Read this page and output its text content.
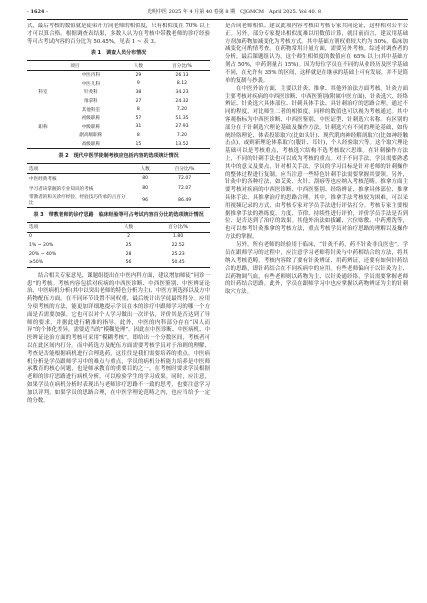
· 1624 ·	光明中医 2025 年 4 月第 40 卷第 8 期　CJGMCM　April 2025. Vol 40. 8

式，最后考核的数值就是徒弟开方同老师的相似度，只有相似度在 70% 以上才可以算合格。根据调查表结果，多数人认为在考核中带教老师的诊疗经验等可占考试内容的百分比为 50.45%，见表 1 ~ 表 3。

表 1　调查人员分布情况
项目		人数	百分比/%
	中医内科	29	26.13
	中医儿科	9	8.12
科室	针灸科	38	34.23
	推拿科	27	24.32
	其他科室	8	7.20
	初级职称	57	51.35
职称	中级职称	31	27.93
	副高级职称	8	7.20
	高级职称	15	13.52
表 2　现代中医学徒制考核应包括内容的选项统计情况
选项	人数	百分比/%
中医经典考核	80	72.07
学习者该掌握的专业知识的考核	80	72.07
带教者的和关诊疗经验、经验技巧传承的占百分比	96	86.49
表 3　带教老师的诊疗思路　临床经验等可占考试内容百分比的选项统计情况
选项	人数	百分比/%
0	2	1.80
1% ~ 20%	25	22.52
20% ~ 40%	28	25.23
≥50%	56	50.45

结合相关专家意见，课题组提出在中医内科方面，建议增加师徒“同诊一患”的考核。考核内容包括对疾病的中西医诊断、中西医鉴别、中医辨证论治、中医病机分析(其中以突出老师的特色分析为主)、中医方剂选择以及方中药物配伍方面。在不同环节设置不同权重，最后统计出学徒最终得分。应用分项考核的方法，能更加详细地提示学员在本的诊疗中跟师学习的哪一个方面是否需要加强。它也可以对个人学习做出一次评估，评价其是否达到了导师的要求，并据此进行精准的指导。此外，中医的内科部分存在“因人而异”的个体化差异，需要适当的“模糊处理”。因此在中医诊断、中医病机、中医辨证论治方面的考核可采用“模糊考核”，即给出一个分数区间，考核者可以在此区间内打分。而中药选方及配伍方面需要考核学员对于治则的理解，考查是否能根据病机进行合理选药，这往往是我们需要培养的重点。中医病机分析是学员跟师学习中的难点与重点，学员的病机分析能力培养是中医师承教育的核心问题，也是师承教育的重要目的之一。在考核时要求学员根据老师的诊疗思路进行病机分析，可以检验学生的学习成果。同时，应注意，如果学员在病机分析时表现出与老师诊疗思路不一致的思考，也要注意学习加以评判，如果学员的思路合理，在中医学理论范畴之内，也应当给予一定的分数。

是否同老师相似。建议此项内容考核由考核专家共同论证，这样相对公平公正。另外，部分专家提出相似度难以用数值计算，就目前而言，建议用基础方剂加药物加减变化为考核方式。其中基础方剂权重较大约为 50%，临床加减变化可酌情考查。在药物常用计量方面，需要另外考核。综述对调查者的分析，最后课题组认为，这个师生相似度的数值应在 65% 以上(其中基础方剂占 50%，中药剂量占 15%)。因为每位学员在不同的从业经历及医学基础不同，在允许有 35% 的区间，这样就是在继承的基础上可有发展，并不是简单的复制与抄袭。

在中医外治方面，主要以针灸、推拿、其他外治法方面考核。针灸方面主要考核对疾病的中西医诊断、中西医鉴别(附属中医方面)，针灸选穴、经络辨证、针灸选穴具体部位、针刺具体手法、具针刺治疗的思路合理。通过不同的程度，对比师生二者的相似度，同样的数值也可以视为考核通过。其中客观指标为中西医诊断、中西医鉴别、中医证型、针刺选穴名称。有区别的部分在于针刺选穴理论基础及操作方法。针刺选穴有不同的理论基础，如传统经络理论、体表投影取穴(比如头针)、现代肌肉神经解剖取穴(比如神经触击点)，或则新理论体系取穴(腹针、耳针)，个人经验取穴等。这个取穴理论基础可以是考核重点，考核选穴结构不选考核取穴思维。在针刺操作方法上，不同的针刺手法也可以成为考核的重点。对于不同手法，学员需要熟悉其中的意义及要点，针对相关手法，学员的学习目标是针对老师的针刺操作的整体过程进行复制。应当注意一些特色针刺手法需要掌握其要领。另外，针灸中的各种疗法，如艾灸、火针、刮痧等也应纳入考核范畴。推拿方面主要考核对疾病的中西医诊断、中西医鉴别、经络辨证、推拿具体部位、推拿具体手法、具推拿治疗的思路合理。其中，推拿手法考核较为困难，可以采用视频记录的方式，由考核专家对学员手法进行评估打分。考核专家主要根据推拿手法的熟练度、力度、节律、持续性进行评价，评价学员手法是否到位、是否达到了治疗的效果。其他外治法如拔罐、穴位贴敷、中药熏洗等，也可以参考针灸推拿的考核方法，重点考核学员对治疗思路的理解以及操作方法的掌握。

另外，所有老师的经验用于临床，“针灸不药，药不针灸非良医也”。学员在跟师学习的过程中，应注意学习老师将针灸与中药相结合的方法，将其纳入考核范畴。考核内容除了要有针灸辨证、用药辨证，还要有如何针药结合的思路，即针药结合在不同疾病中的应用。有些老师偏向于以针灸为主、以药物调气血，有些老师则以药物为主、以针灸通经络，学员需要掌握老师的针药结合思路。此外，学员在跟师学习中也应掌握以药物辨证为主的针刺取穴方法。
